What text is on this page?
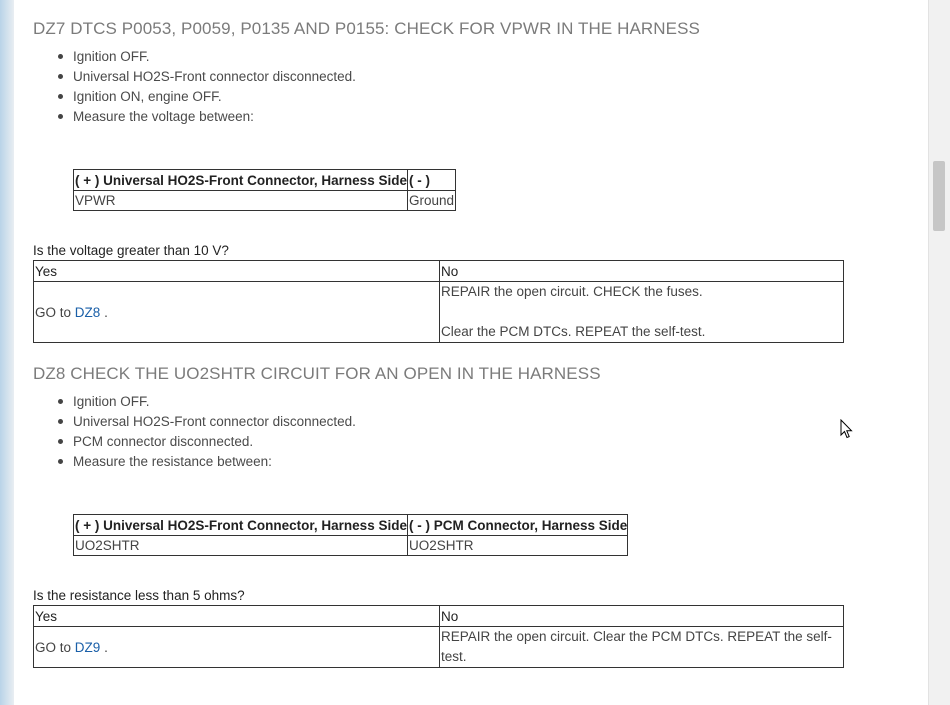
DZ7 DTCS P0053, P0059, P0135 AND P0155: CHECK FOR VPWR IN THE HARNESS
Ignition OFF.
Universal HO2S-Front connector disconnected.
Ignition ON, engine OFF.
Measure the voltage between:
( + ) Universal HO2S-Front Connector, Harness Side	( - )
VPWR	Ground
Is the voltage greater than 10 V?
Yes	No
GO to DZ8 .	REPAIR the open circuit. CHECK the fuses.
Clear the PCM DTCs. REPEAT the self-test.
DZ8 CHECK THE UO2SHTR CIRCUIT FOR AN OPEN IN THE HARNESS
Ignition OFF.
Universal HO2S-Front connector disconnected.
PCM connector disconnected.
Measure the resistance between:
( + ) Universal HO2S-Front Connector, Harness Side	( - ) PCM Connector, Harness Side
UO2SHTR	UO2SHTR
Is the resistance less than 5 ohms?
Yes	No
GO to DZ9 .	REPAIR the open circuit. Clear the PCM DTCs. REPEAT the self-test.
